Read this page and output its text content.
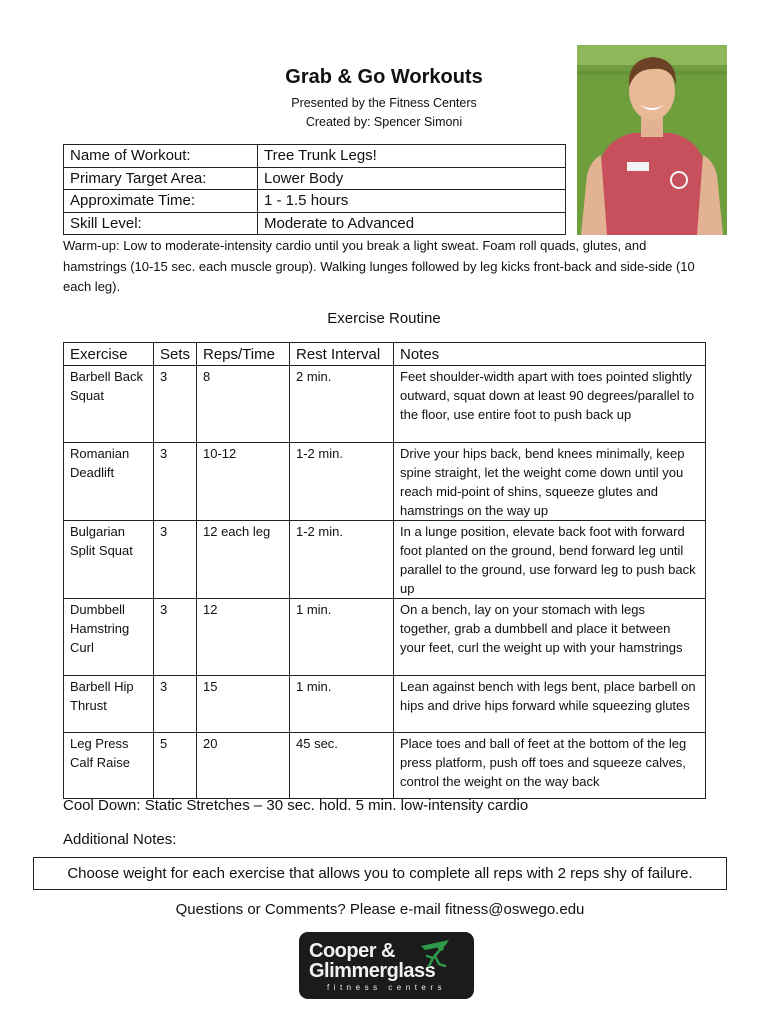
Grab & Go Workouts
Presented by the Fitness Centers
Created by: Spencer Simoni
Name of Workout:	Tree Trunk Legs!
Primary Target Area:	Lower Body
Approximate Time:	1 - 1.5 hours
Skill Level:	Moderate to Advanced
Warm-up: Low to moderate-intensity cardio until you break a light sweat. Foam roll quads, glutes, and hamstrings (10-15 sec. each muscle group). Walking lunges followed by leg kicks front-back and side-side (10 each leg).
Exercise Routine
Exercise	Sets	Reps/Time	Rest Interval	Notes
Barbell Back Squat	3	8	2 min.	Feet shoulder-width apart with toes pointed slightly outward, squat down at least 90 degrees/parallel to the floor, use entire foot to push back up
Romanian Deadlift	3	10-12	1-2 min.	Drive your hips back, bend knees minimally, keep spine straight, let the weight come down until you reach mid-point of shins, squeeze glutes and hamstrings on the way up
Bulgarian Split Squat	3	12 each leg	1-2 min.	In a lunge position, elevate back foot with forward foot planted on the ground, bend forward leg until parallel to the ground, use forward leg to push back up
Dumbbell Hamstring Curl	3	12	1 min.	On a bench, lay on your stomach with legs together, grab a dumbbell and place it between your feet, curl the weight up with your hamstrings
Barbell Hip Thrust	3	15	1 min.	Lean against bench with legs bent, place barbell on hips and drive hips forward while squeezing glutes
Leg Press Calf Raise	5	20	45 sec.	Place toes and ball of feet at the bottom of the leg press platform, push off toes and squeeze calves, control the weight on the way back
Cool Down: Static Stretches – 30 sec. hold. 5 min. low-intensity cardio
Additional Notes:
Choose weight for each exercise that allows you to complete all reps with 2 reps shy of failure.
Questions or Comments? Please e-mail fitness@oswego.edu
Cooper &
Glimmerglass
fitness centers
